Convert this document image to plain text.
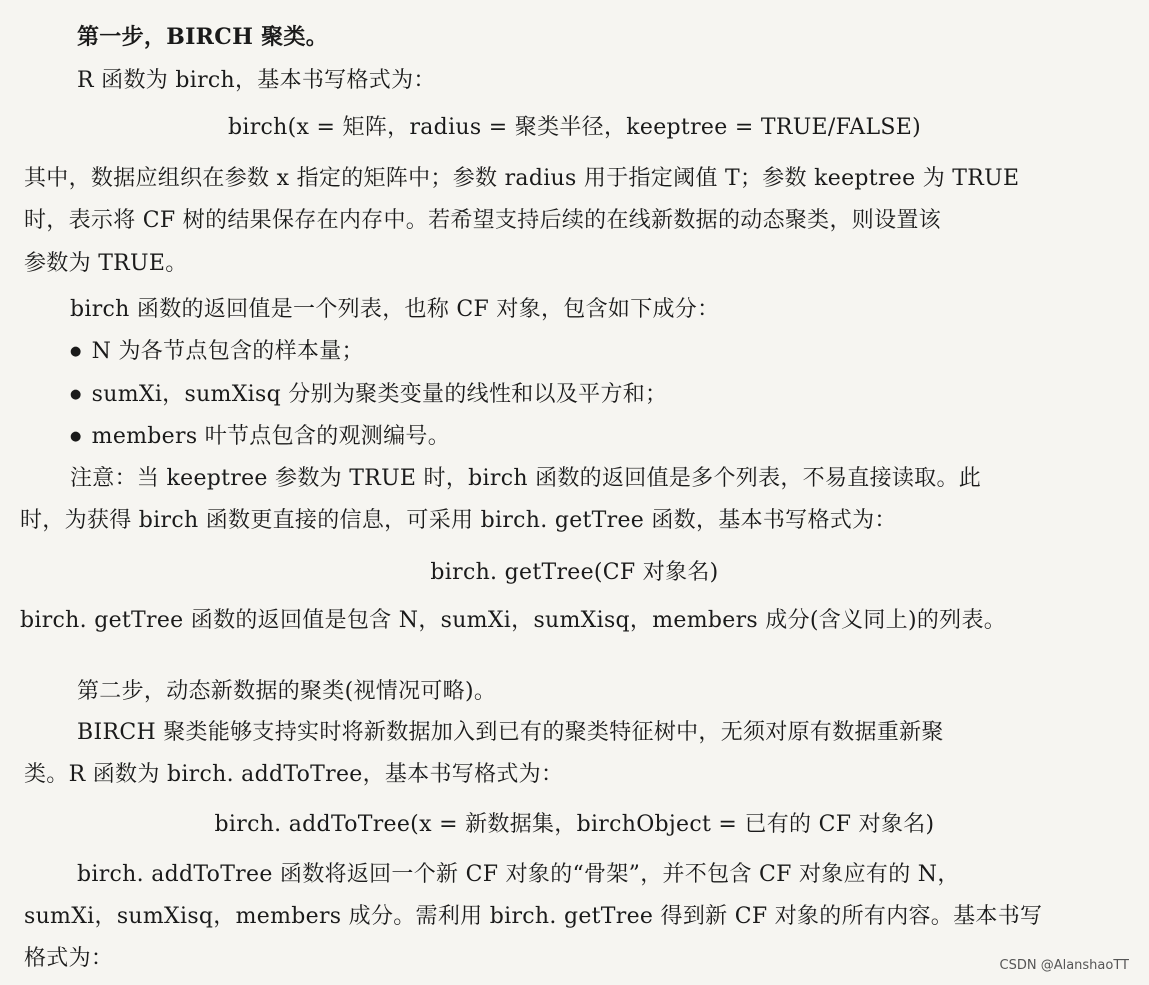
第一步，BIRCH 聚类。
R 函数为 birch，基本书写格式为：
birch(x = 矩阵，radius = 聚类半径，keeptree = TRUE/FALSE)
其中，数据应组织在参数 x 指定的矩阵中；参数 radius 用于指定阈值 T；参数 keeptree 为 TRUE
时，表示将 CF 树的结果保存在内存中。若希望支持后续的在线新数据的动态聚类，则设置该
参数为 TRUE。
birch 函数的返回值是一个列表，也称 CF 对象，包含如下成分：
● N 为各节点包含的样本量；
● sumXi，sumXisq 分别为聚类变量的线性和以及平方和；
● members 叶节点包含的观测编号。
注意：当 keeptree 参数为 TRUE 时，birch 函数的返回值是多个列表，不易直接读取。此
时，为获得 birch 函数更直接的信息，可采用 birch. getTree 函数，基本书写格式为：
birch. getTree(CF 对象名)
birch. getTree 函数的返回值是包含 N，sumXi，sumXisq，members 成分(含义同上)的列表。
第二步，动态新数据的聚类(视情况可略)。
BIRCH 聚类能够支持实时将新数据加入到已有的聚类特征树中，无须对原有数据重新聚
类。R 函数为 birch. addToTree，基本书写格式为：
birch. addToTree(x = 新数据集，birchObject = 已有的 CF 对象名)
birch. addToTree 函数将返回一个新 CF 对象的“骨架”，并不包含 CF 对象应有的 N，
sumXi，sumXisq，members 成分。需利用 birch. getTree 得到新 CF 对象的所有内容。基本书写
格式为：	CSDN @AlanshaoTT
